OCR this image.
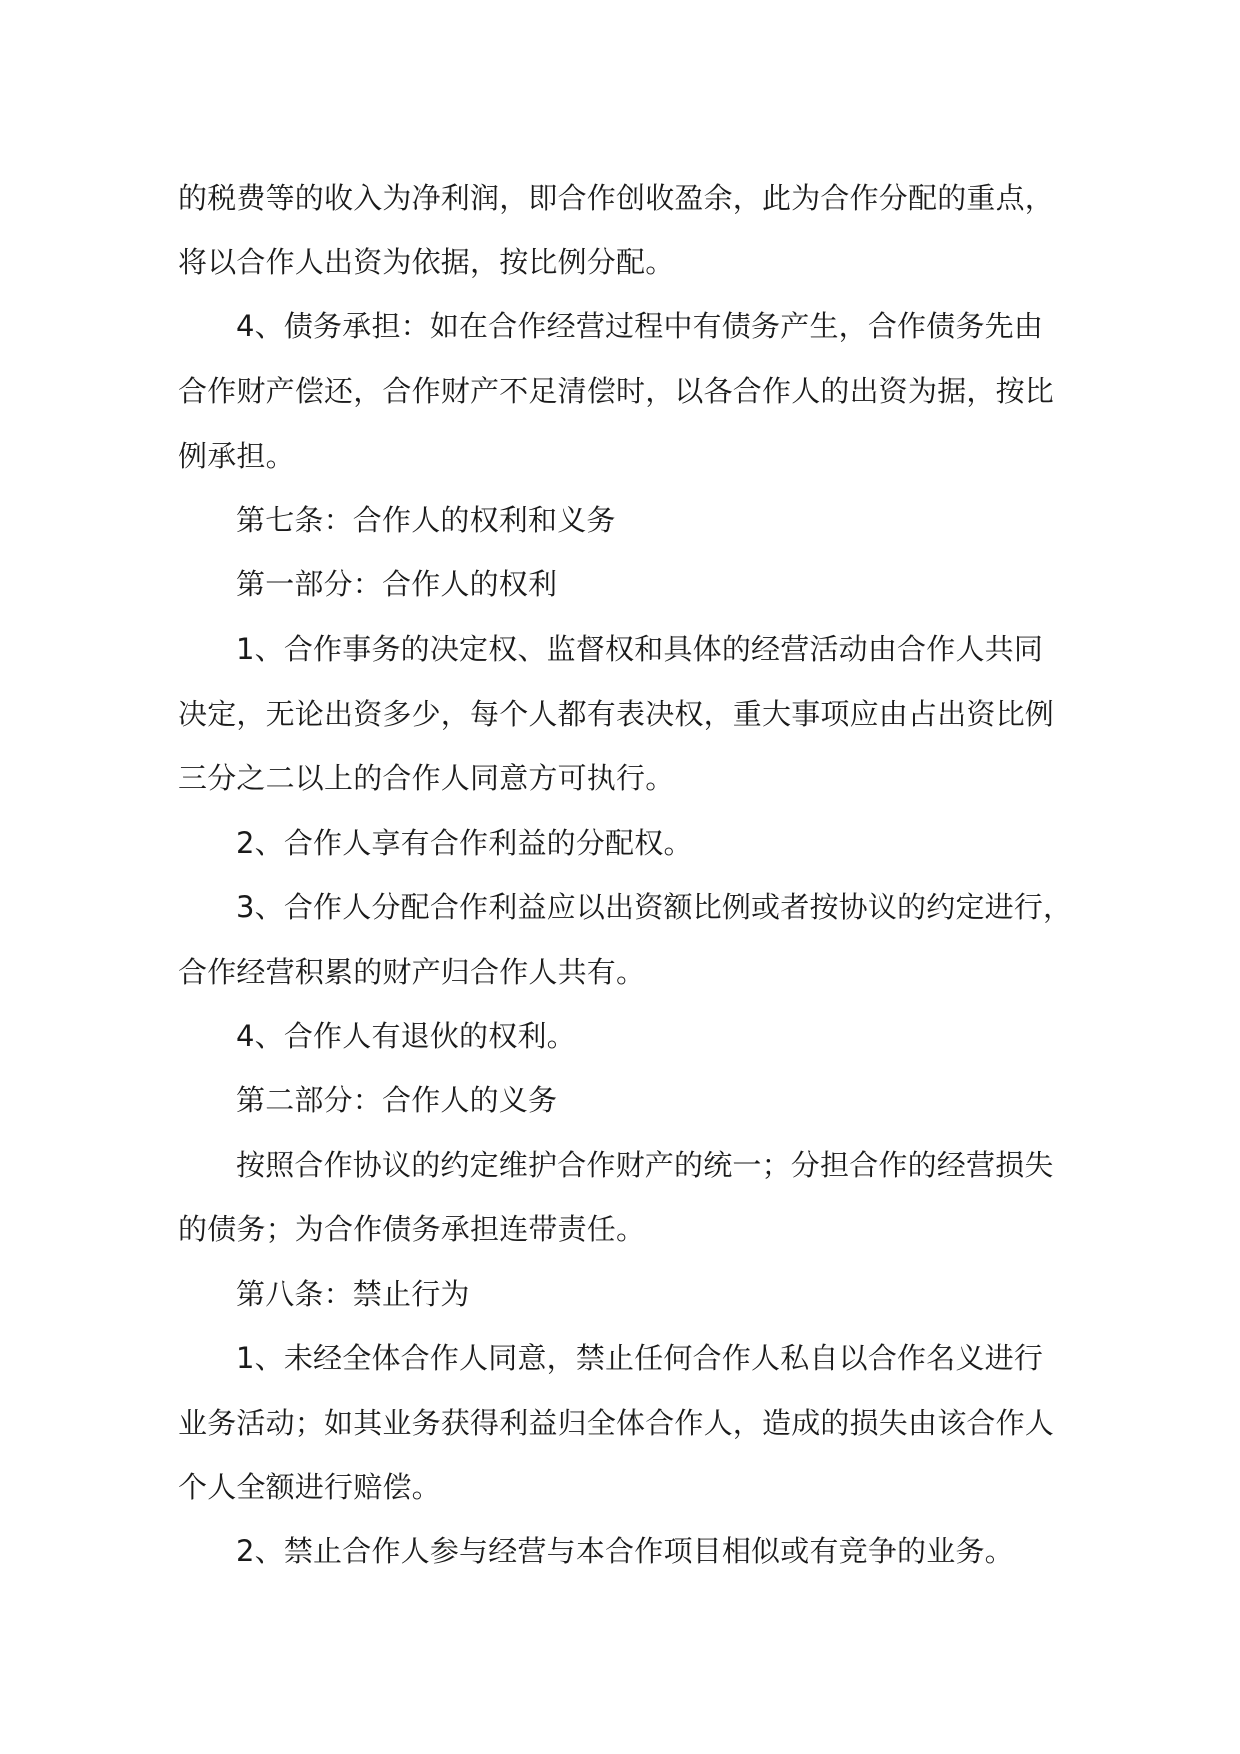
的税费等的收入为净利润，即合作创收盈余，此为合作分配的重点，
将以合作人出资为依据，按比例分配。
4、债务承担：如在合作经营过程中有债务产生，合作债务先由
合作财产偿还，合作财产不足清偿时，以各合作人的出资为据，按比
例承担。
第七条：合作人的权利和义务
第一部分：合作人的权利
1、合作事务的决定权、监督权和具体的经营活动由合作人共同
决定，无论出资多少，每个人都有表决权，重大事项应由占出资比例
三分之二以上的合作人同意方可执行。
2、合作人享有合作利益的分配权。
3、合作人分配合作利益应以出资额比例或者按协议的约定进行，
合作经营积累的财产归合作人共有。
4、合作人有退伙的权利。
第二部分：合作人的义务
按照合作协议的约定维护合作财产的统一；分担合作的经营损失
的债务；为合作债务承担连带责任。
第八条：禁止行为
1、未经全体合作人同意，禁止任何合作人私自以合作名义进行
业务活动；如其业务获得利益归全体合作人，造成的损失由该合作人
个人全额进行赔偿。
2、禁止合作人参与经营与本合作项目相似或有竞争的业务。
